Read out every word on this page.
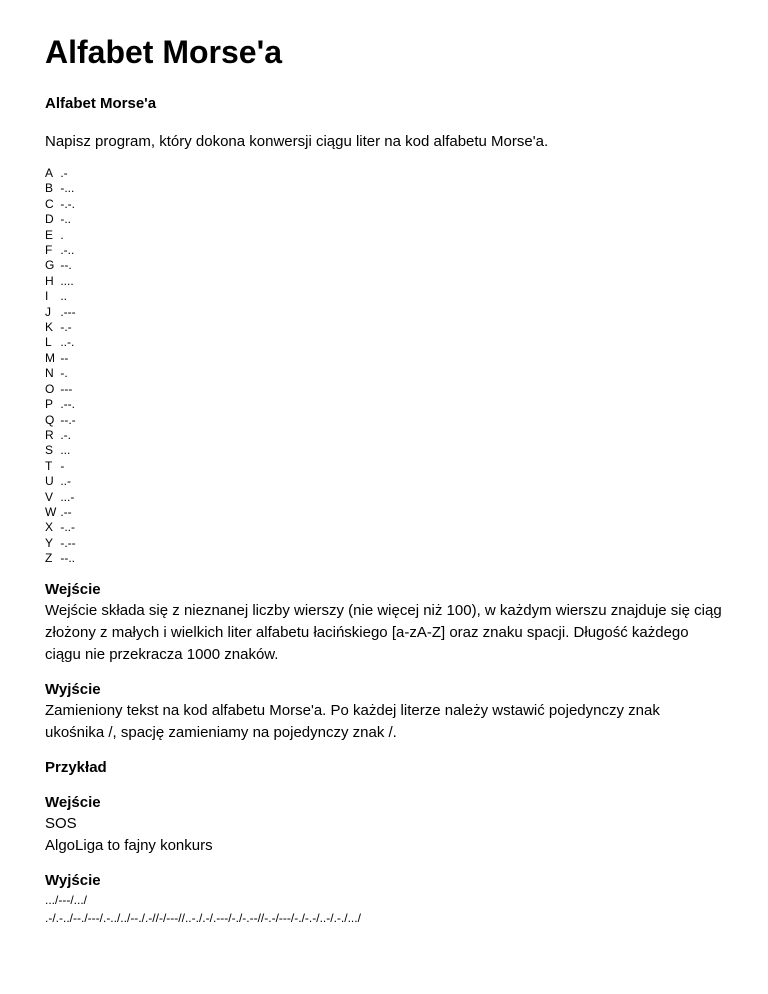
Alfabet Morse'a
Alfabet Morse'a

Napisz program, który dokona konwersji ciągu liter na kod alfabetu Morse'a.

A .-
B -...
C -.-.
D -..
E .
F .-..
G --.
H ....
I ..
J .---
K -.-
L ..-.
M --
N -.
O ---
P .--.
Q --.-
R .-.
S ...
T -
U ..-
V ...-
W .--
X -..-
Y -.--
Z --..
Wejście

Wejście składa się z nieznanej liczby wierszy (nie więcej niż 100), w każdym wierszu znajduje się ciąg złożony z małych i wielkich liter alfabetu łacińskiego [a-zA-Z] oraz znaku spacji. Długość każdego ciągu nie przekracza 1000 znaków.

Wyjście

Zamieniony tekst na kod alfabetu Morse'a. Po każdej literze należy wstawić pojedynczy znak ukośnika /, spację zamieniamy na pojedynczy znak /.

Przykład
Wejście

SOS

AlgoLiga to fajny konkurs

Wyjście
.../---/.../
.-/.-../--./---/.-../../--./.-//-/---//..-./.-/.---/-./-.--//-.-/---/-./-.-/..-/.-./.../
